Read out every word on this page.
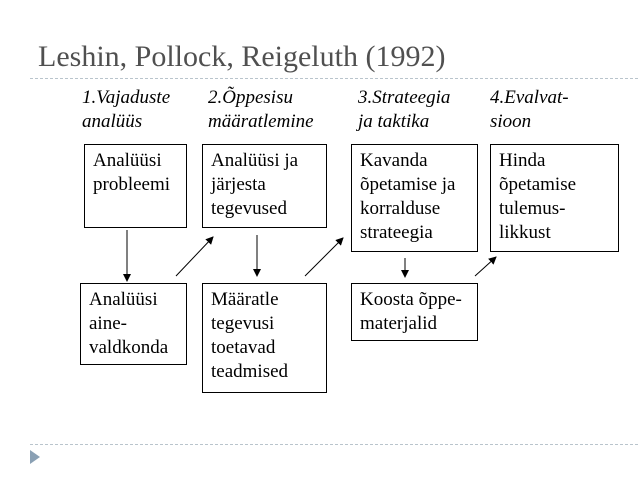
Leshin, Pollock, Reigeluth (1992)
1.Vajaduste
analüüs
2.Õppesisu
määratlemine
3.Strateegia
ja taktika
4.Evalvat-
sioon
Analüüsi
probleemi
Analüüsi ja
järjesta
tegevused
Kavanda
õpetamise ja
korralduse
strateegia
Hinda
õpetamise
tulemus-
likkust
Analüüsi
aine-
valdkonda
Määratle
tegevusi
toetavad
teadmised
Koosta õppe-
materjalid
